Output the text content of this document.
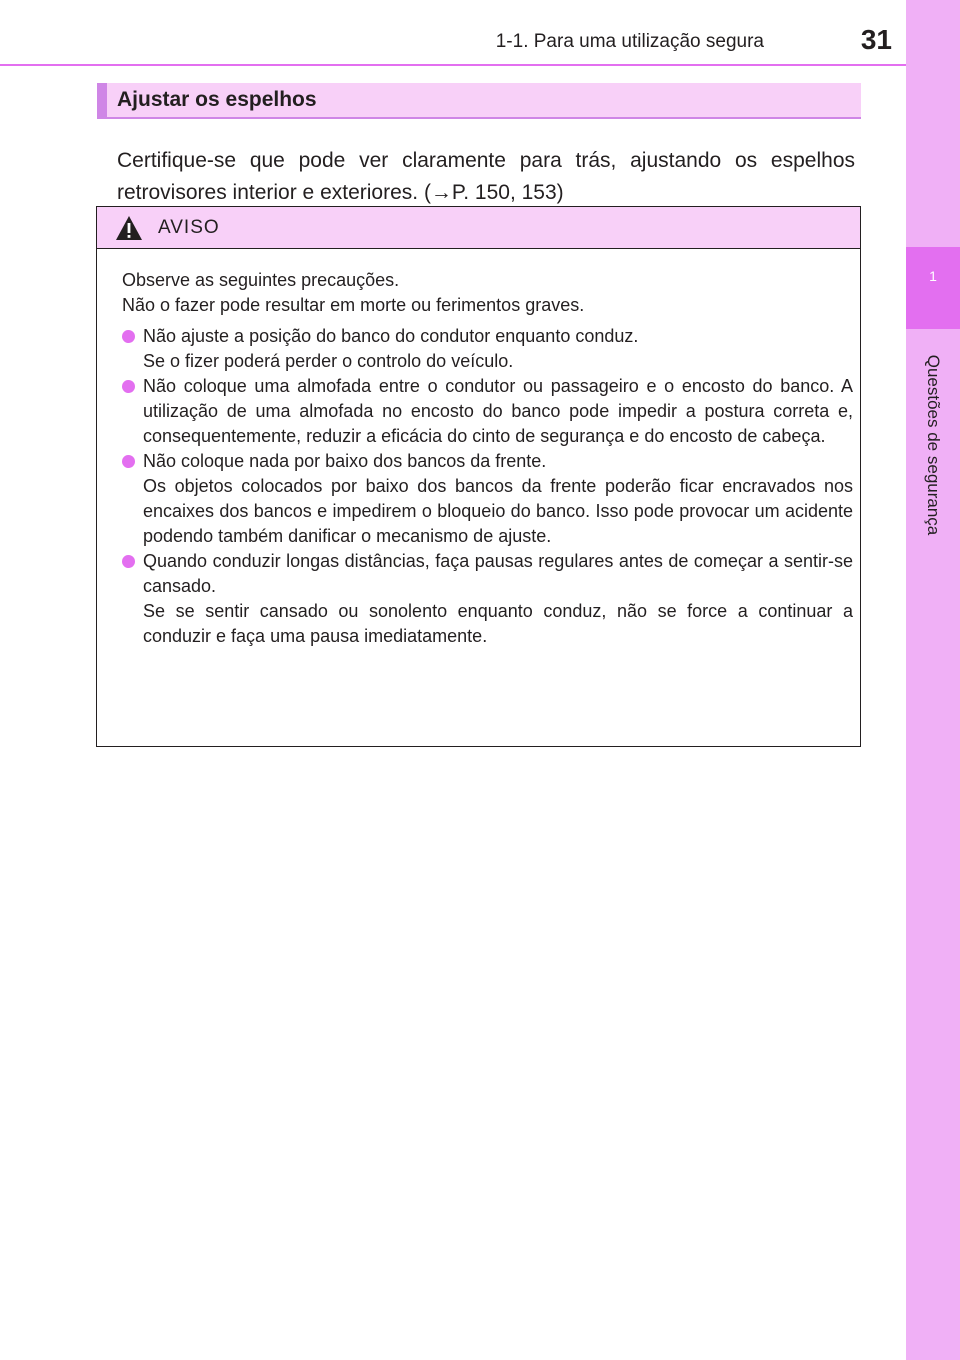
1
Questões de segurança
1-1. Para uma utilização segura	31
Ajustar os espelhos

Certifique-se que pode ver claramente para trás, ajustando os espelhos retrovisores interior e exteriores. (→P. 150, 153)

AVISO

Observe as seguintes precauções.
Não o fazer pode resultar em morte ou ferimentos graves.

Não ajuste a posição do banco do condutor enquanto conduz.
Se o fizer poderá perder o controlo do veículo.

Não coloque uma almofada entre o condutor ou passageiro e o encosto do banco. A utilização de uma almofada no encosto do banco pode impedir a postura correta e, consequentemente, reduzir a eficácia do cinto de segurança e do encosto de cabeça.

Não coloque nada por baixo dos bancos da frente.
Os objetos colocados por baixo dos bancos da frente poderão ficar encravados nos encaixes dos bancos e impedirem o bloqueio do banco. Isso pode provocar um acidente podendo também danificar o mecanismo de ajuste.

Quando conduzir longas distâncias, faça pausas regulares antes de começar a sentir-se cansado.
Se se sentir cansado ou sonolento enquanto conduz, não se force a continuar a conduzir e faça uma pausa imediatamente.
